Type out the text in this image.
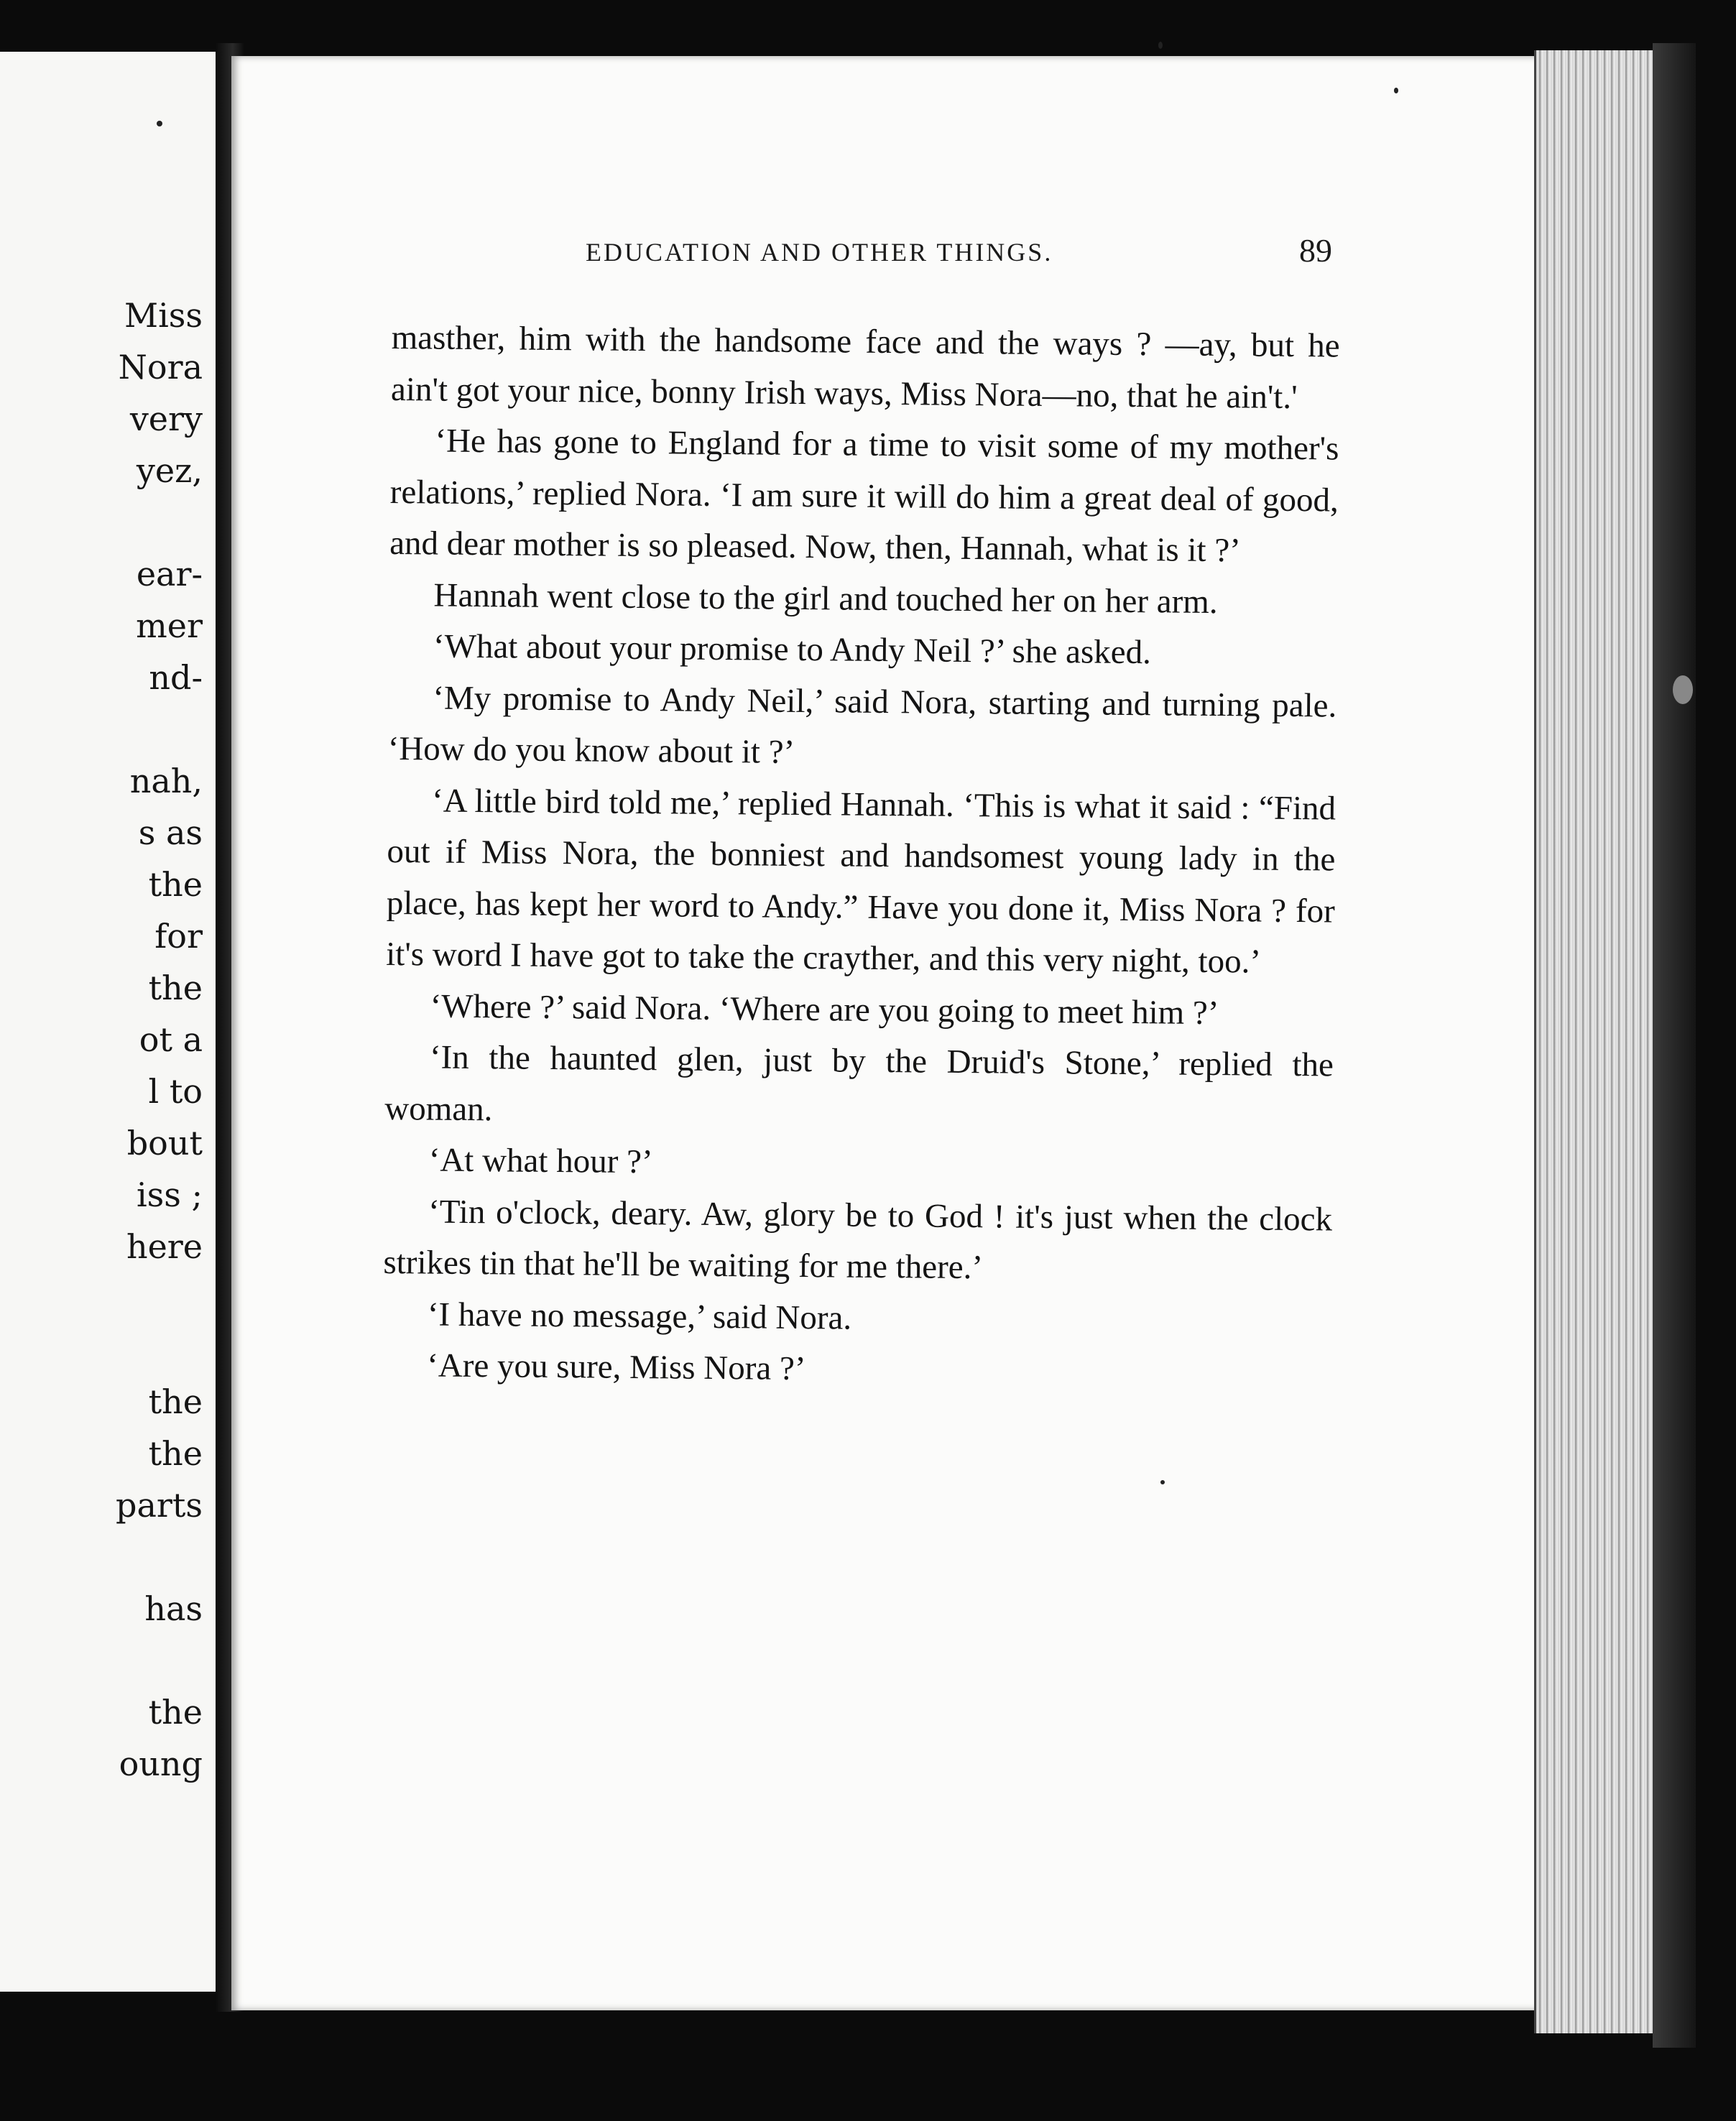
Miss
Nora
very
yez,
ear-
mer
nd-
nah,
s as
the
for
the
ot a
l to
bout
iss ;
here
the
the
parts
has
the
oung
EDUCATION AND OTHER THINGS.	89

masther, him with the handsome face and the ways ? —ay, but he ain't got your nice, bonny Irish ways, Miss Nora—no, that he ain't.'

‘He has gone to England for a time to visit some of my mother's relations,’ replied Nora. ‘I am sure it will do him a great deal of good, and dear mother is so pleased. Now, then, Hannah, what is it ?’

Hannah went close to the girl and touched her on her arm.

‘What about your promise to Andy Neil ?’ she asked.

‘My promise to Andy Neil,’ said Nora, starting and turning pale. ‘How do you know about it ?’

‘A little bird told me,’ replied Hannah. ‘This is what it said : “Find out if Miss Nora, the bonniest and handsomest young lady in the place, has kept her word to Andy.” Have you done it, Miss Nora ? for it's word I have got to take the crayther, and this very night, too.’

‘Where ?’ said Nora. ‘Where are you going to meet him ?’

‘In the haunted glen, just by the Druid's Stone,’ replied the woman.

‘At what hour ?’

‘Tin o'clock, deary. Aw, glory be to God ! it's just when the clock strikes tin that he'll be waiting for me there.’

‘I have no message,’ said Nora.

‘Are you sure, Miss Nora ?’
